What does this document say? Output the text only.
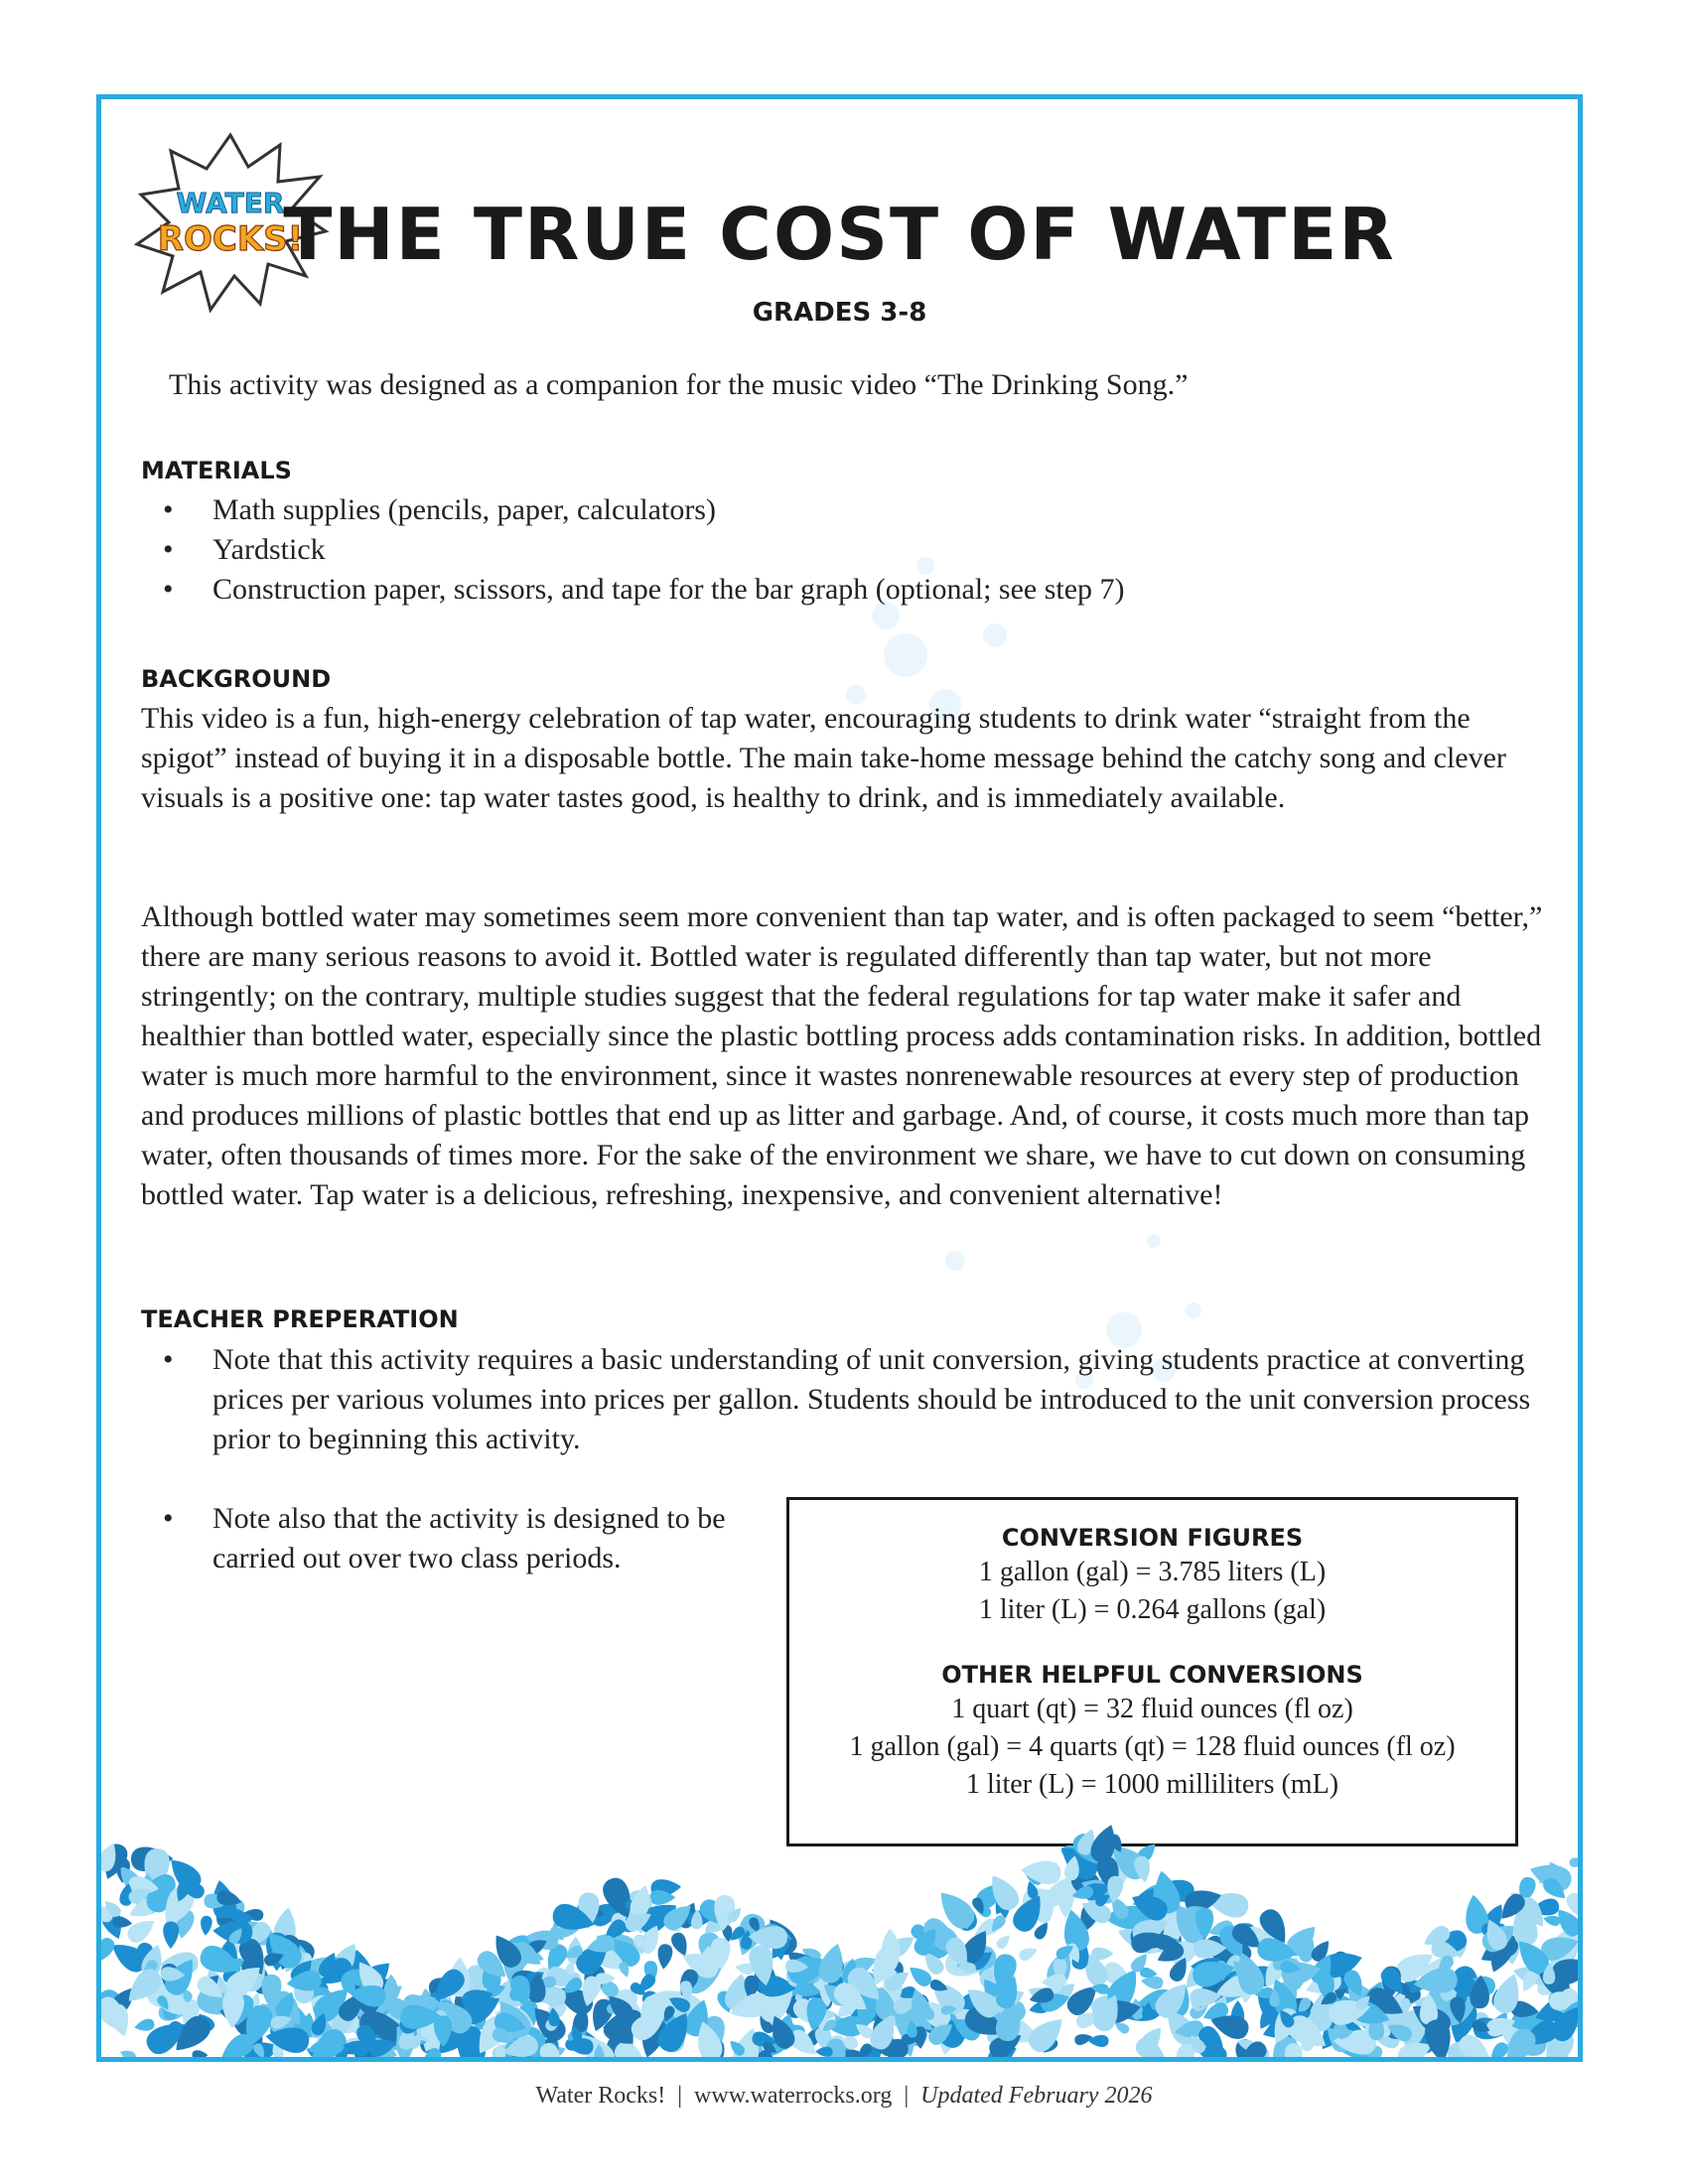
WATER
ROCKS!
THE TRUE COST OF WATER
GRADES 3-8
This activity was designed as a companion for the music video “The Drinking Song.”
MATERIALS
• Math supplies (pencils, paper, calculators)
• Yardstick
• Construction paper, scissors, and tape for the bar graph (optional; see step 7)
BACKGROUND

This video is a fun, high-energy celebration of tap water, encouraging students to drink water “straight from the spigot” instead of buying it in a disposable bottle. The main take-home message behind the catchy song and clever visuals is a positive one: tap water tastes good, is healthy to drink, and is immediately available.

Although bottled water may sometimes seem more convenient than tap water, and is often packaged to seem “better,” there are many serious reasons to avoid it. Bottled water is regulated differently than tap water, but not more stringently; on the contrary, multiple studies suggest that the federal regulations for tap water make it safer and healthier than bottled water, especially since the plastic bottling process adds contamination risks. In addition, bottled water is much more harmful to the environment, since it wastes nonrenewable resources at every step of production and produces millions of plastic bottles that end up as litter and garbage. And, of course, it costs much more than tap water, often thousands of times more. For the sake of the environment we share, we have to cut down on consuming bottled water. Tap water is a delicious, refreshing, inexpensive, and convenient alternative!

TEACHER PREPERATION
• Note that this activity requires a basic understanding of unit conversion, giving students practice at converting prices per various volumes into prices per gallon. Students should be introduced to the unit conversion process prior to beginning this activity.
• Note also that the activity is designed to be carried out over two class periods.
CONVERSION FIGURES
1 gallon (gal) = 3.785 liters (L)
1 liter (L) = 0.264 gallons (gal)
OTHER HELPFUL CONVERSIONS
1 quart (qt) = 32 fluid ounces (fl oz)
1 gallon (gal) = 4 quarts (qt) = 128 fluid ounces (fl oz)
1 liter (L) = 1000 milliliters (mL)
Water Rocks! | www.waterrocks.org | Updated February 2026
